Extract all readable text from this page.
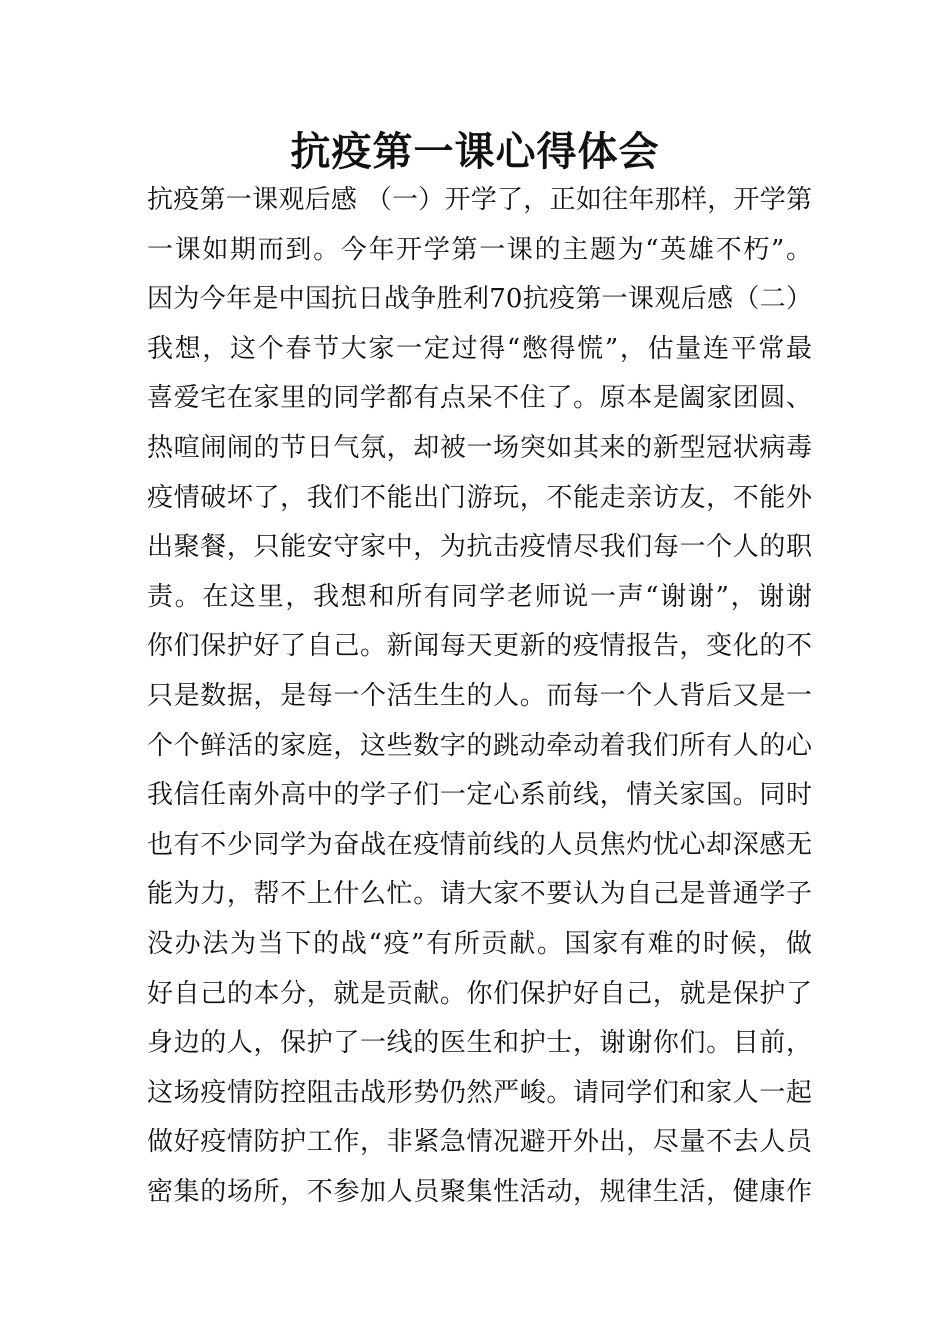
抗疫第一课心得体会
抗疫第一课观后感 （一）开学了，正如往年那样，开学第
一课如期而到。今年开学第一课的主题为“英雄不朽”。
因为今年是中国抗日战争胜利70抗疫第一课观后感（二）
我想，这个春节大家一定过得“憋得慌”，估量连平常最
喜爱宅在家里的同学都有点呆不住了。原本是阖家团圆、
热喧闹闹的节日气氛，却被一场突如其来的新型冠状病毒
疫情破坏了，我们不能出门游玩，不能走亲访友，不能外
出聚餐，只能安守家中，为抗击疫情尽我们每一个人的职
责。在这里，我想和所有同学老师说一声“谢谢”，谢谢
你们保护好了自己。新闻每天更新的疫情报告，变化的不
只是数据，是每一个活生生的人。而每一个人背后又是一
个个鲜活的家庭，这些数字的跳动牵动着我们所有人的心
我信任南外高中的学子们一定心系前线，情关家国。同时
也有不少同学为奋战在疫情前线的人员焦灼忧心却深感无
能为力，帮不上什么忙。请大家不要认为自己是普通学子
没办法为当下的战“疫”有所贡献。国家有难的时候，做
好自己的本分，就是贡献。你们保护好自己，就是保护了
身边的人，保护了一线的医生和护士，谢谢你们。目前，
这场疫情防控阻击战形势仍然严峻。请同学们和家人一起
做好疫情防护工作，非紧急情况避开外出，尽量不去人员
密集的场所，不参加人员聚集性活动，规律生活，健康作
